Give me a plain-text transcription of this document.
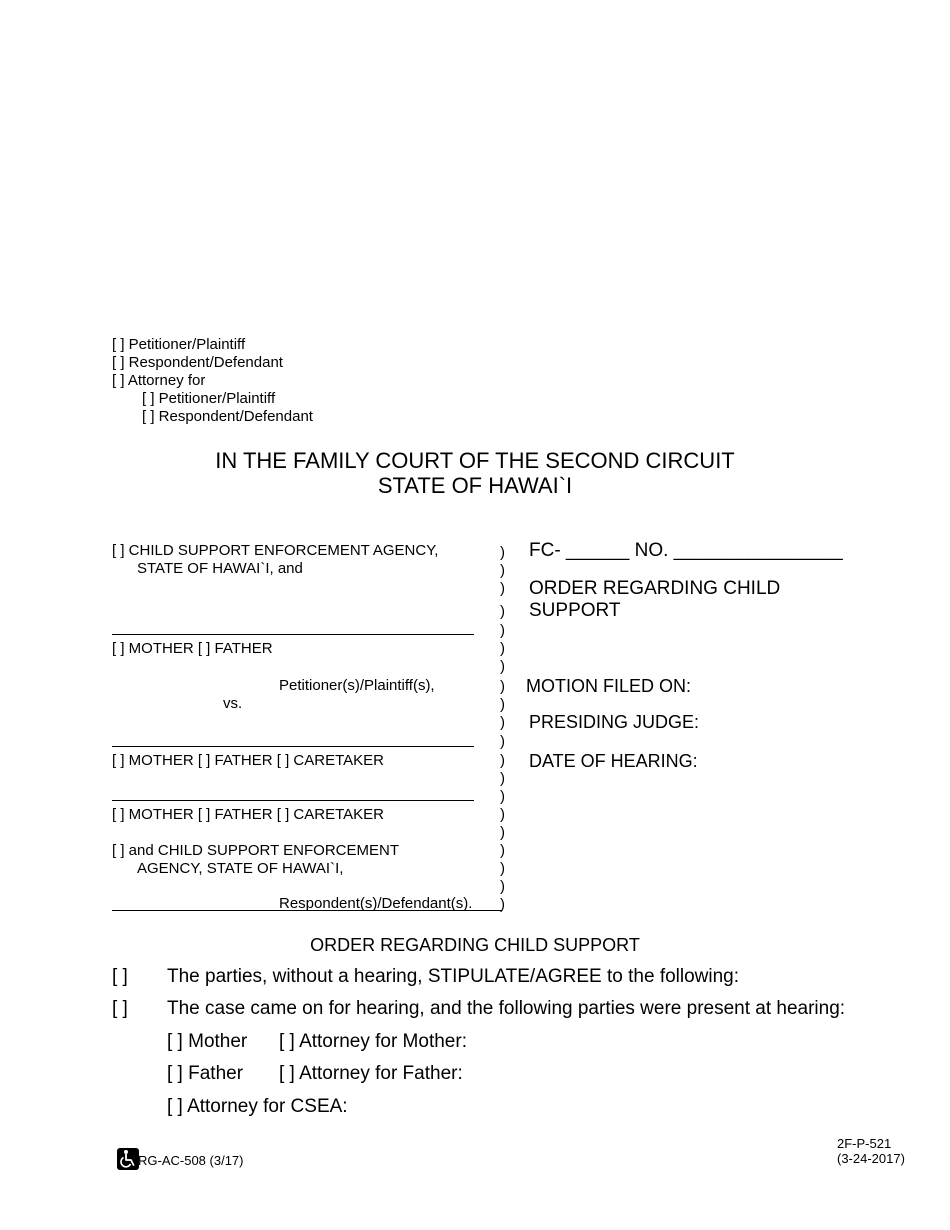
[ ] Petitioner/Plaintiff
[ ] Respondent/Defendant
[ ] Attorney for
[ ] Petitioner/Plaintiff
[ ] Respondent/Defendant
IN THE FAMILY COURT OF THE SECOND CIRCUIT
STATE OF HAWAI`I
[ ] CHILD SUPPORT ENFORCEMENT AGENCY,
STATE OF HAWAI`I, and
[ ] MOTHER [ ] FATHER
Petitioner(s)/Plaintiff(s),
vs.
[ ] MOTHER [ ] FATHER [ ] CARETAKER
[ ] MOTHER [ ] FATHER [ ] CARETAKER
[ ] and CHILD SUPPORT ENFORCEMENT
AGENCY, STATE OF HAWAI`I,
Respondent(s)/Defendant(s).
)
)
)
)
)
)
)
)
)
)
)
)
)
)
)
)
)
)
)
)
FC- ______ NO. ________________
ORDER REGARDING CHILD
SUPPORT
MOTION FILED ON:
PRESIDING JUDGE:
DATE OF HEARING:
ORDER REGARDING CHILD SUPPORT
[ ] The parties, without a hearing, STIPULATE/AGREE to the following:
[ ] The case came on for hearing, and the following parties were present at hearing:
[ ] Mother [ ] Attorney for Mother:
[ ] Father [ ] Attorney for Father:
[ ] Attorney for CSEA:
RG-AC-508 (3/17)
2F-P-521
(3-24-2017)
